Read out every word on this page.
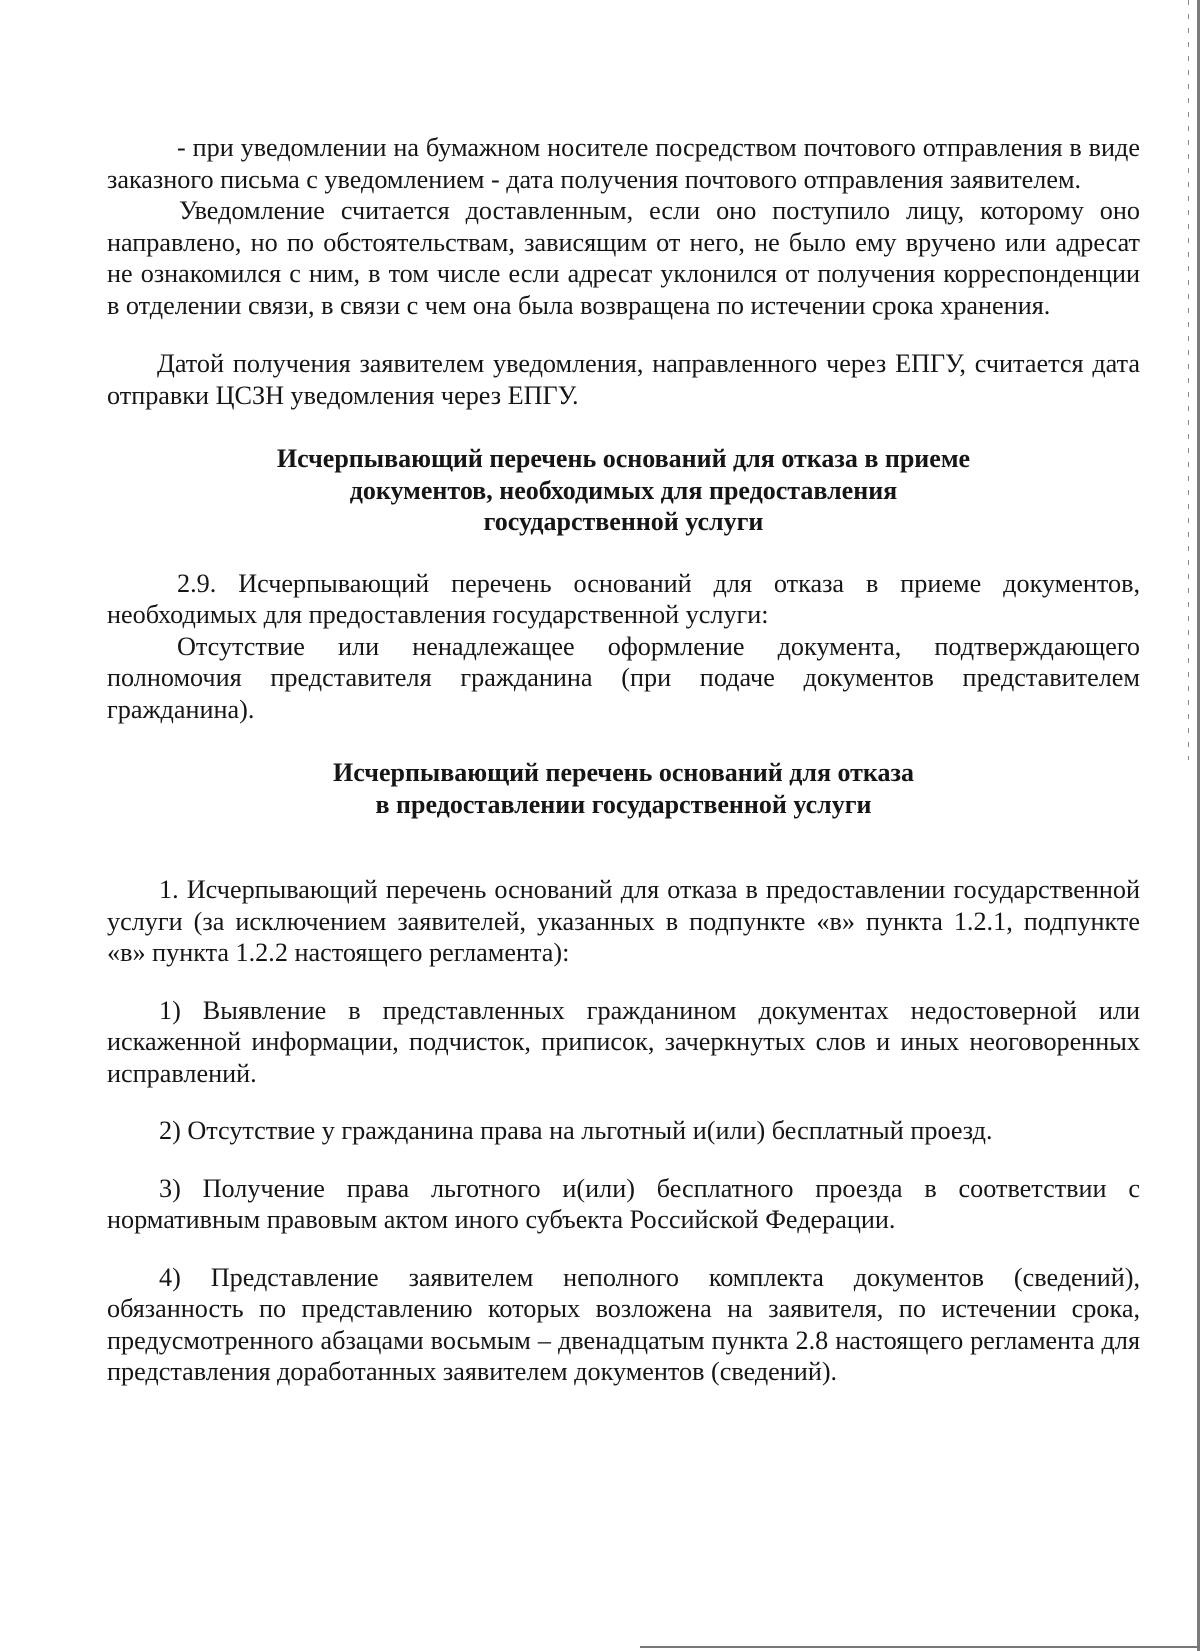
- при уведомлении на бумажном носителе посредством почтового отправления в виде заказного письма с уведомлением - дата получения почтового отправления заявителем.

Уведомление считается доставленным, если оно поступило лицу, которому оно направлено, но по обстоятельствам, зависящим от него, не было ему вручено или адресат не ознакомился с ним, в том числе если адресат уклонился от получения корреспонденции в отделении связи, в связи с чем она была возвращена по истечении срока хранения.

Датой получения заявителем уведомления, направленного через ЕПГУ, считается дата отправки ЦСЗН уведомления через ЕПГУ.

Исчерпывающий перечень оснований для отказа в приеме
документов, необходимых для предоставления
государственной услуги

2.9. Исчерпывающий перечень оснований для отказа в приеме документов, необходимых для предоставления государственной услуги:

Отсутствие или ненадлежащее оформление документа, подтверждающего полномочия представителя гражданина (при подаче документов представителем гражданина).

Исчерпывающий перечень оснований для отказа
в предоставлении государственной услуги

1. Исчерпывающий перечень оснований для отказа в предоставлении государственной услуги (за исключением заявителей, указанных в подпункте «в» пункта 1.2.1, подпункте «в» пункта 1.2.2 настоящего регламента):

1) Выявление в представленных гражданином документах недостоверной или искаженной информации, подчисток, приписок, зачеркнутых слов и иных неоговоренных исправлений.

2) Отсутствие у гражданина права на льготный и(или) бесплатный проезд.

3) Получение права льготного и(или) бесплатного проезда в соответствии с нормативным правовым актом иного субъекта Российской Федерации.

4) Представление заявителем неполного комплекта документов (сведений), обязанность по представлению которых возложена на заявителя, по истечении срока, предусмотренного абзацами восьмым – двенадцатым пункта 2.8 настоящего регламента для представления доработанных заявителем документов (сведений).
